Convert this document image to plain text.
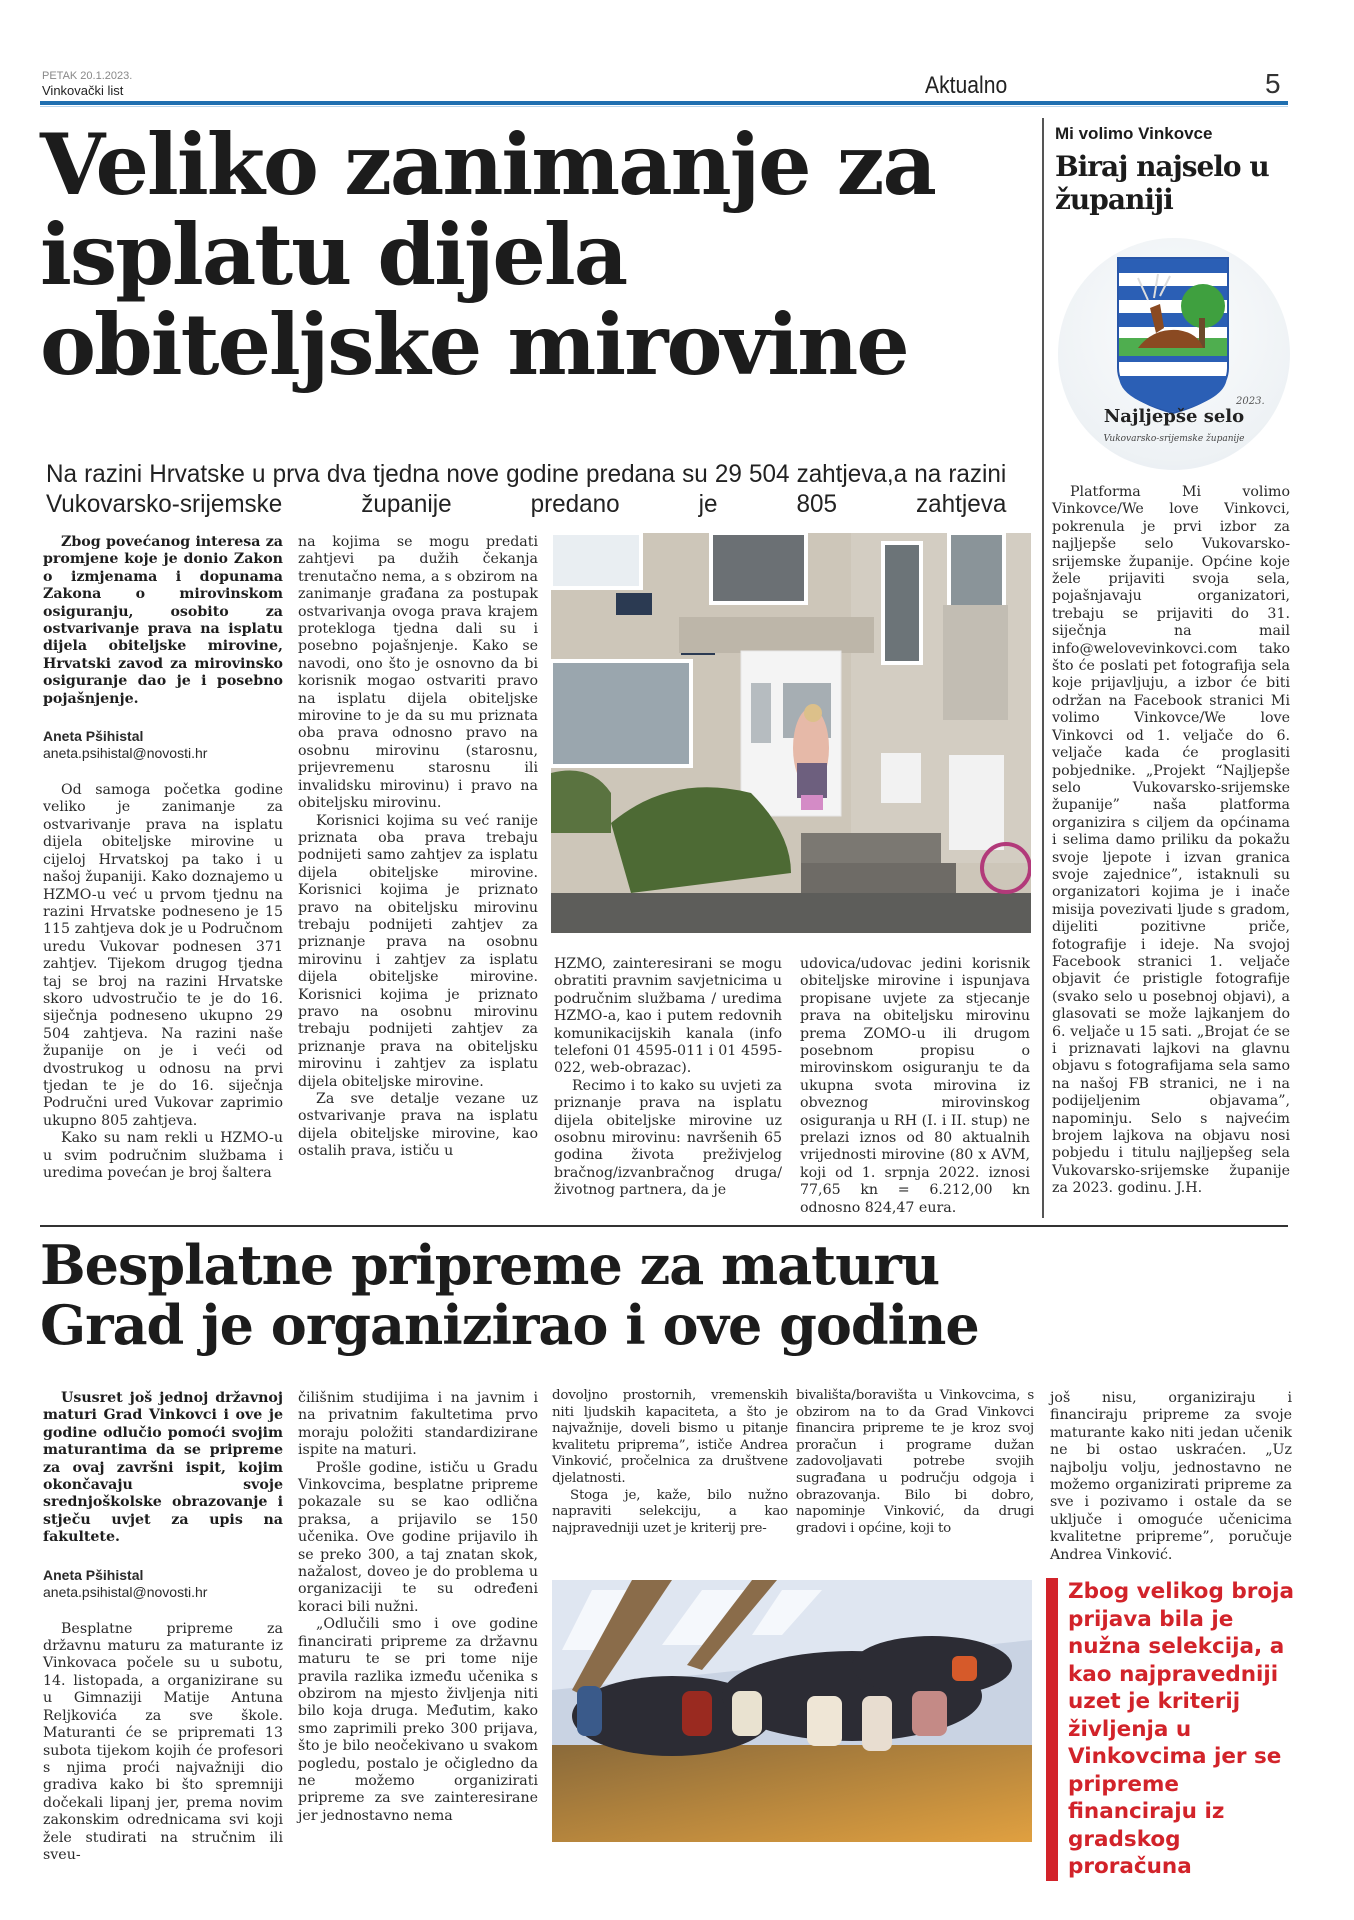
PETAK 20.1.2023.
Vinkovački list	Aktualno	5
Veliko zanimanje za isplatu dijela obiteljske mirovine
Na razini Hrvatske u prva dva tjedna nove godine predana su 29 504 zahtjeva,a na razini Vukovarsko-srijemske županije predano je 805 zahtjeva

Zbog povećanog interesa za promjene koje je donio Zakon o izmjenama i dopunama Zakona o mirovinskom osiguranju, osobito za ostvarivanje prava na isplatu dijela obiteljske mirovine, Hrvatski zavod za mirovinsko osiguranje dao je i posebno pojašnjenje.

Aneta Pšihistal
aneta.psihistal@novosti.hr

Od samoga početka godine veliko je zanimanje za ostvarivanje prava na isplatu dijela obiteljske mirovine u cijeloj Hrvatskoj pa tako i u našoj županiji. Kako doznajemo u HZMO-u već u prvom tjednu na razini Hrvatske podneseno je 15 115 zahtjeva dok je u Područnom uredu Vukovar podnesen 371 zahtjev. Tijekom drugog tjedna taj se broj na razini Hrvatske skoro udvostručio te je do 16. siječnja podneseno ukupno 29 504 zahtjeva. Na razini naše županije on je i veći od dvostrukog u odnosu na prvi tjedan te je do 16. siječnja Područni ured Vukovar zaprimio ukupno 805 zahtjeva.

Kako su nam rekli u HZMO-u u svim područnim službama i uredima povećan je broj šaltera

na kojima se mogu predati zahtjevi pa dužih čekanja trenutačno nema, a s obzirom na zanimanje građana za postupak ostvarivanja ovoga prava krajem protekloga tjedna dali su i posebno pojašnjenje. Kako se navodi, ono što je osnovno da bi korisnik mogao ostvariti pravo na isplatu dijela obiteljske mirovine to je da su mu priznata oba prava odnosno pravo na osobnu mirovinu (starosnu, prijevremenu starosnu ili invalidsku mirovinu) i pravo na obiteljsku mirovinu.

Korisnici kojima su već ranije priznata oba prava trebaju podnijeti samo zahtjev za isplatu dijela obiteljske mirovine. Korisnici kojima je priznato pravo na obiteljsku mirovinu trebaju podnijeti zahtjev za priznanje prava na osobnu mirovinu i zahtjev za isplatu dijela obiteljske mirovine. Korisnici kojima je priznato pravo na osobnu mirovinu trebaju podnijeti zahtjev za priznanje prava na obiteljsku mirovinu i zahtjev za isplatu dijela obiteljske mirovine.

Za sve detalje vezane uz ostvarivanje prava na isplatu dijela obiteljske mirovine, kao ostalih prava, ističu u

HZMO, zainteresirani se mogu obratiti pravnim savjetnicima u područnim službama / uredima HZMO-a, kao i putem redovnih komunikacijskih kanala (info telefoni 01 4595-011 i 01 4595-022, web-obrazac).

Recimo i to kako su uvjeti za priznanje prava na isplatu dijela obiteljske mirovine uz osobnu mirovinu: navršenih 65 godina života preživjelog bračnog/izvanbračnog druga/životnog partnera, da je

udovica/udovac jedini korisnik obiteljske mirovine i ispunjava propisane uvjete za stjecanje prava na obiteljsku mirovinu prema ZOMO-u ili drugom posebnom propisu o mirovinskom osiguranju te da ukupna svota mirovina iz obveznog mirovinskog osiguranja u RH (I. i II. stup) ne prelazi iznos od 80 aktualnih vrijednosti mirovine (80 x AVM, koji od 1. srpnja 2022. iznosi 77,65 kn = 6.212,00 kn odnosno 824,47 eura.

Mi volimo Vinkovce
Biraj najselo u županiji
Najljepše selo
2023.
Vukovarsko-srijemske županije

Platforma Mi volimo Vinkovce/We love Vinkovci, pokrenula je prvi izbor za najljepše selo Vukovarsko-srijemske županije. Općine koje žele prijaviti svoja sela, pojašnjavaju organizatori, trebaju se prijaviti do 31. siječnja na mail info@welovevinkovci.com tako što će poslati pet fotografija sela koje prijavljuju, a izbor će biti održan na Facebook stranici Mi volimo Vinkovce/We love Vinkovci od 1. veljače do 6. veljače kada će proglasiti pobjednike. „Projekt “Najljepše selo Vukovarsko-srijemske županije” naša platforma organizira s ciljem da općinama i selima damo priliku da pokažu svoje ljepote i izvan granica svoje zajednice”, istaknuli su organizatori kojima je i inače misija povezivati ljude s gradom, dijeliti pozitivne priče, fotografije i ideje. Na svojoj Facebook stranici 1. veljače objavit će pristigle fotografije (svako selo u posebnoj objavi), a glasovati se može lajkanjem do 6. veljače u 15 sati. „Brojat će se i priznavati lajkovi na glavnu objavu s fotografijama sela samo na našoj FB stranici, ne i na podijeljenim objavama”, napominju. Selo s najvećim brojem lajkova na objavu nosi pobjedu i titulu najljepšeg sela Vukovarsko-srijemske županije za 2023. godinu. J.H.

Besplatne pripreme za maturu
Grad je organizirao i ove godine

Ususret još jednoj državnoj maturi Grad Vinkovci i ove je godine odlučio pomoći svojim maturantima da se pripreme za ovaj završni ispit, kojim okončavaju svoje srednjoškolske obrazovanje i stječu uvjet za upis na fakultete.

Aneta Pšihistal
aneta.psihistal@novosti.hr

Besplatne pripreme za državnu maturu za maturante iz Vinkovaca počele su u subotu, 14. listopada, a organizirane su u Gimnaziji Matije Antuna Reljkovića za sve škole. Maturanti će se pripremati 13 subota tijekom kojih će profesori s njima proći najvažniji dio gradiva kako bi što spremniji dočekali lipanj jer, prema novim zakonskim odrednicama svi koji žele studirati na stručnim ili sveu-

čilišnim studijima i na javnim i na privatnim fakultetima prvo moraju položiti standardizirane ispite na maturi.

Prošle godine, ističu u Gradu Vinkovcima, besplatne pripreme pokazale su se kao odlična praksa, a prijavilo se 150 učenika. Ove godine prijavilo ih se preko 300, a taj znatan skok, nažalost, doveo je do problema u organizaciji te su određeni koraci bili nužni.

„Odlučili smo i ove godine financirati pripreme za državnu maturu te se pri tome nije pravila razlika između učenika s obzirom na mjesto življenja niti bilo koja druga. Međutim, kako smo zaprimili preko 300 prijava, što je bilo neočekivano u svakom pogledu, postalo je očigledno da ne možemo organizirati pripreme za sve zainteresirane jer jednostavno nema

dovoljno prostornih, vremenskih niti ljudskih kapaciteta, a što je najvažnije, doveli bismo u pitanje kvalitetu priprema”, ističe Andrea Vinković, pročelnica za društvene djelatnosti.

Stoga je, kaže, bilo nužno napraviti selekciju, a kao najpravedniji uzet je kriterij pre-

bivališta/boravišta u Vinkovcima, s obzirom na to da Grad Vinkovci financira pripreme te je kroz svoj proračun i programe dužan zadovoljavati potrebe svojih sugrađana u području odgoja i obrazovanja. Bilo bi dobro, napominje Vinković, da drugi gradovi i općine, koji to

još nisu, organiziraju i financiraju pripreme za svoje maturante kako niti jedan učenik ne bi ostao uskraćen. „Uz najbolju volju, jednostavno ne možemo organizirati pripreme za sve i pozivamo i ostale da se uključe i omoguće učenicima kvalitetne pripreme”, poručuje Andrea Vinković.

Zbog velikog broja prijava bila je nužna selekcija, a kao najpravedniji uzet je kriterij življenja u Vinkovcima jer se pripreme financiraju iz gradskog proračuna
